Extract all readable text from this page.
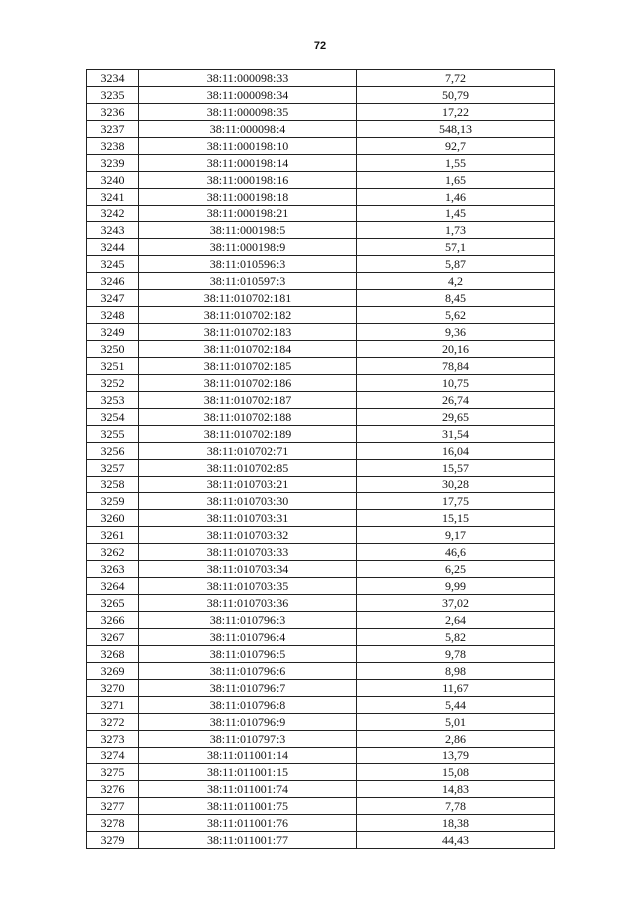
72
3234	38:11:000098:33	7,72
3235	38:11:000098:34	50,79
3236	38:11:000098:35	17,22
3237	38:11:000098:4	548,13
3238	38:11:000198:10	92,7
3239	38:11:000198:14	1,55
3240	38:11:000198:16	1,65
3241	38:11:000198:18	1,46
3242	38:11:000198:21	1,45
3243	38:11:000198:5	1,73
3244	38:11:000198:9	57,1
3245	38:11:010596:3	5,87
3246	38:11:010597:3	4,2
3247	38:11:010702:181	8,45
3248	38:11:010702:182	5,62
3249	38:11:010702:183	9,36
3250	38:11:010702:184	20,16
3251	38:11:010702:185	78,84
3252	38:11:010702:186	10,75
3253	38:11:010702:187	26,74
3254	38:11:010702:188	29,65
3255	38:11:010702:189	31,54
3256	38:11:010702:71	16,04
3257	38:11:010702:85	15,57
3258	38:11:010703:21	30,28
3259	38:11:010703:30	17,75
3260	38:11:010703:31	15,15
3261	38:11:010703:32	9,17
3262	38:11:010703:33	46,6
3263	38:11:010703:34	6,25
3264	38:11:010703:35	9,99
3265	38:11:010703:36	37,02
3266	38:11:010796:3	2,64
3267	38:11:010796:4	5,82
3268	38:11:010796:5	9,78
3269	38:11:010796:6	8,98
3270	38:11:010796:7	11,67
3271	38:11:010796:8	5,44
3272	38:11:010796:9	5,01
3273	38:11:010797:3	2,86
3274	38:11:011001:14	13,79
3275	38:11:011001:15	15,08
3276	38:11:011001:74	14,83
3277	38:11:011001:75	7,78
3278	38:11:011001:76	18,38
3279	38:11:011001:77	44,43
